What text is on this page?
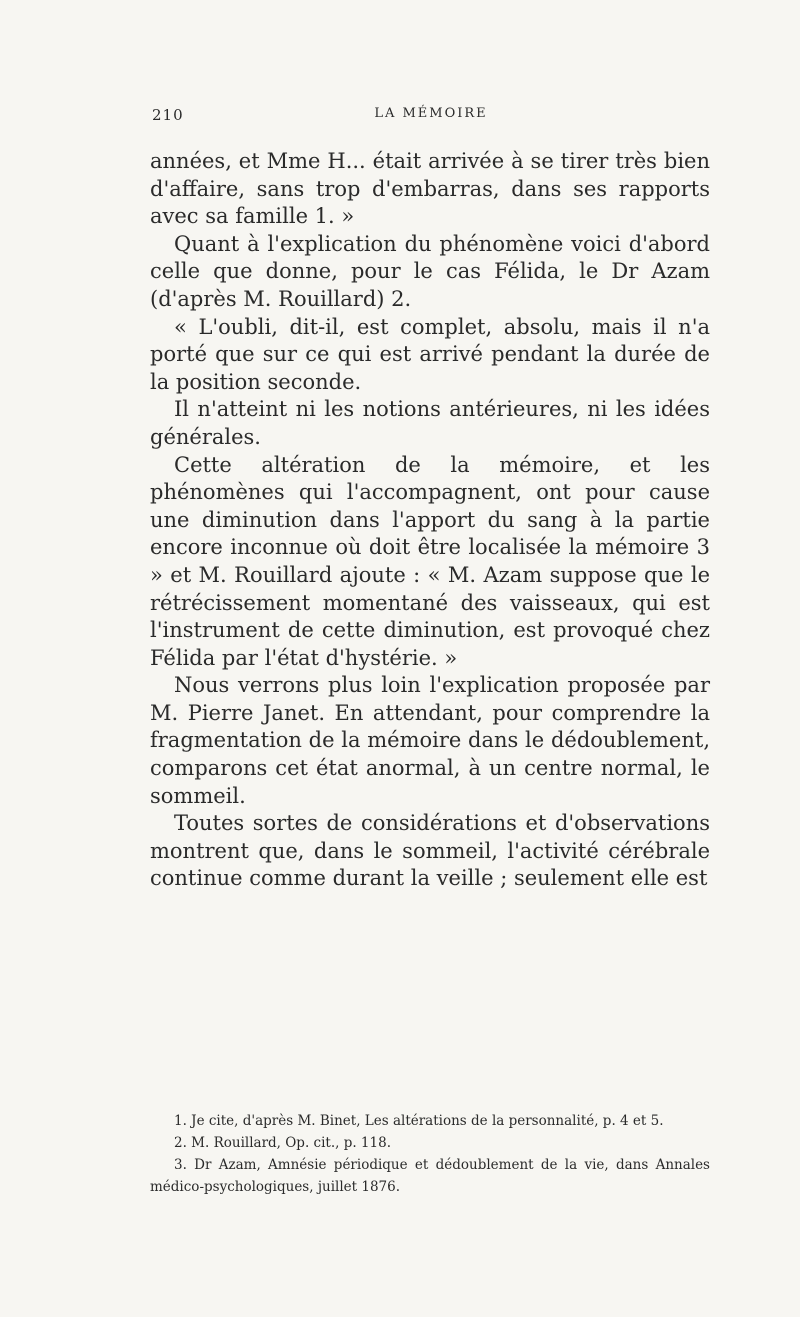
210	LA MÉMOIRE

années, et Mme H... était arrivée à se tirer très bien d'affaire, sans trop d'embarras, dans ses rapports avec sa famille 1. »

Quant à l'explication du phénomène voici d'abord celle que donne, pour le cas Félida, le Dr Azam (d'après M. Rouillard) 2.

« L'oubli, dit-il, est complet, absolu, mais il n'a porté que sur ce qui est arrivé pendant la durée de la position seconde.

Il n'atteint ni les notions antérieures, ni les idées générales.

Cette altération de la mémoire, et les phénomènes qui l'accompagnent, ont pour cause une diminution dans l'apport du sang à la partie encore inconnue où doit être localisée la mémoire 3 » et M. Rouillard ajoute : « M. Azam suppose que le rétrécissement momentané des vaisseaux, qui est l'instrument de cette diminution, est provoqué chez Félida par l'état d'hystérie. »

Nous verrons plus loin l'explication proposée par M. Pierre Janet. En attendant, pour comprendre la fragmentation de la mémoire dans le dédoublement, comparons cet état anormal, à un centre normal, le sommeil.

Toutes sortes de considérations et d'observations montrent que, dans le sommeil, l'activité cérébrale continue comme durant la veille ; seulement elle est

1. Je cite, d'après M. Binet, Les altérations de la personnalité, p. 4 et 5.

2. M. Rouillard, Op. cit., p. 118.

3. Dr Azam, Amnésie périodique et dédoublement de la vie, dans Annales médico-psychologiques, juillet 1876.
